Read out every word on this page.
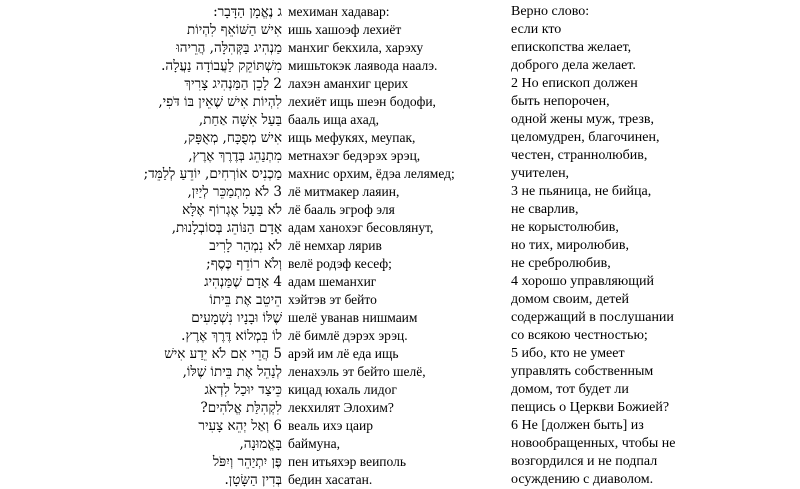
ג נֶאֱמָן הַדָּבָר: мехиман хадавар:	Верно слово:
אִישׁ הַשּׁוֹאֵף לִהְיוֹת ишь хашоэф лехиёт	если кто
מַנְהִיג בַּקְּהִלָּה, הֲרֵיהוּ манхиг бекхила, харэху	епископства желает,
מִשְׁתּוֹקֵק לַעֲבוֹדָה נַעֲלָה. мишьтокэк лаявода наалэ.	доброго дела желает.
2 לָכֵן הַמַּנְהִיג צָרִיךְ лахэн аманхиг церих	2 Но епископ должен
לִהְיוֹת אִישׁ שֶׁאֵין בּוֹ דֹּפִי, лехиёт ищь шеэн бодофи,	быть непорочен,
בַּעַל אִשָּׁה אַחַת, бааль ища ахад,	одной жены муж, трезв,
אִישׁ מְפֻכָּח, מְאֻפָּק, ищь мефукях, меупак,	целомудрен, благочинен,
מִתְנַהֵג בְּדֶרֶךְ אֶרֶץ, метнахэг бедэрэх эрэц,	честен, страннолюбив,
מַכְנִיס אוֹרְחִים, יוֹדֵעַ לְלַמֵּד; махнис орхим, ёдэа лелямед;	учителен,
3 לֹא מִתְמַכֵּר לְיַיִן, лё митмакер лаяин,	3 не пьяница, не бийца,
לֹא בַּעַל אֶגְרוֹף אֶלָּא лё бааль эгроф эля	не сварлив,
אָדָם הַנּוֹהֵג בְּסוֹבְלָנוּת, адам ханохэг бесовлянут,	не корыстолюбив,
לֹא נִמְהַר לָרִיב лё немхар лярив	но тих, миролюбив,
וְלֹא רוֹדֵף כֶּסֶף; велё родэф кесеф;	не сребролюбив,
4 אָדָם שֶׁמַּנְהִיג адам шеманхиг	4 хорошо управляющий
הֵיטֵב אֶת בֵּיתוֹ хэйтэв эт бейто	домом своим, детей
שֶׁלּוֹ וּבָנָיו נִשְׁמָעִים шелё уванав нишмаим	содержащий в послушании
לוֹ בִּמְלוֹא דֶּרֶךְ אֶרֶץ. лё бимлё дэрэх эрэц.	со всякою честностью;
5 הֲרֵי אִם לֹא יֵדַע אִישׁ арэй им лё еда ищь	5 ибо, кто не умеет
לְנַהֵל אֶת בֵּיתוֹ שֶׁלּוֹ, ленахэль эт бейто шелё,	управлять собственным
כֵּיצַד יוּכַל לִדְאֹג кицад юхаль лидог	домом, тот будет ли
לִקְהִלַּת אֱלֹהִים? лекхилят Элохим?	пещись о Церкви Божией?
6 וְאַל יְהֵא צָעִיר веаль ихэ цаир	6 Не [должен быть] из
בָּאֱמוּנָה, баймуна,	новообращенных, чтобы не
פֶּן יִתְיַהֵר וְיִפֹּל пен итьяхэр веиполь	возгордился и не подпал
בְּדִין הַשָּׂטָן. бедин хасатан.	осуждению с диаволом.
